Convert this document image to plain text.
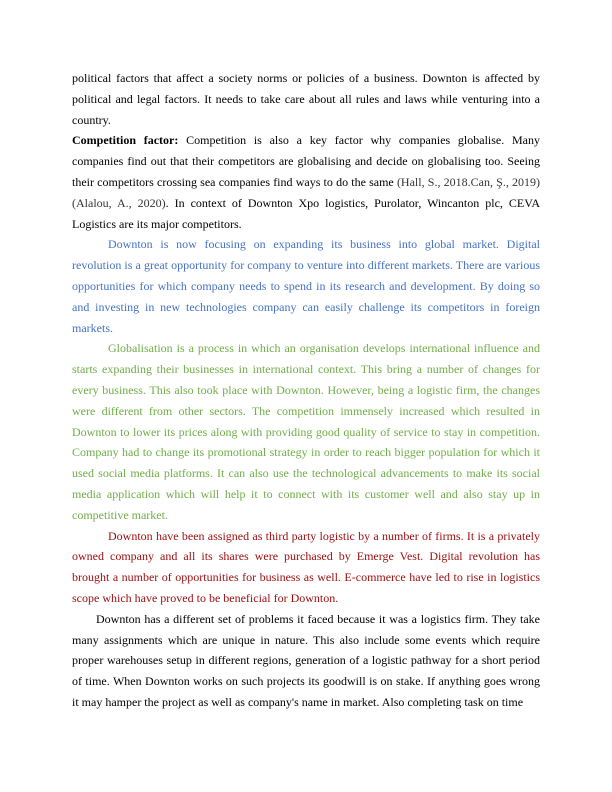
political factors that affect a society norms or policies of a business. Downton is affected by political and legal factors. It needs to take care about all rules and laws while venturing into a country.

Competition factor: Competition is also a key factor why companies globalise. Many companies find out that their competitors are globalising and decide on globalising too. Seeing their competitors crossing sea companies find ways to do the same (Hall, S., 2018.Can, Ş., 2019) (Alalou, A., 2020). In context of Downton Xpo logistics, Purolator, Wincanton plc, CEVA Logistics are its major competitors.

Downton is now focusing on expanding its business into global market. Digital revolution is a great opportunity for company to venture into different markets. There are various opportunities for which company needs to spend in its research and development. By doing so and investing in new technologies company can easily challenge its competitors in foreign markets.

Globalisation is a process in which an organisation develops international influence and starts expanding their businesses in international context. This bring a number of changes for every business. This also took place with Downton. However, being a logistic firm, the changes were different from other sectors. The competition immensely increased which resulted in Downton to lower its prices along with providing good quality of service to stay in competition. Company had to change its promotional strategy in order to reach bigger population for which it used social media platforms. It can also use the technological advancements to make its social media application which will help it to connect with its customer well and also stay up in competitive market.

Downton have been assigned as third party logistic by a number of firms. It is a privately owned company and all its shares were purchased by Emerge Vest. Digital revolution has brought a number of opportunities for business as well. E-commerce have led to rise in logistics scope which have proved to be beneficial for Downton.

Downton has a different set of problems it faced because it was a logistics firm. They take many assignments which are unique in nature. This also include some events which require proper warehouses setup in different regions, generation of a logistic pathway for a short period of time. When Downton works on such projects its goodwill is on stake. If anything goes wrong it may hamper the project as well as company's name in market. Also completing task on time
